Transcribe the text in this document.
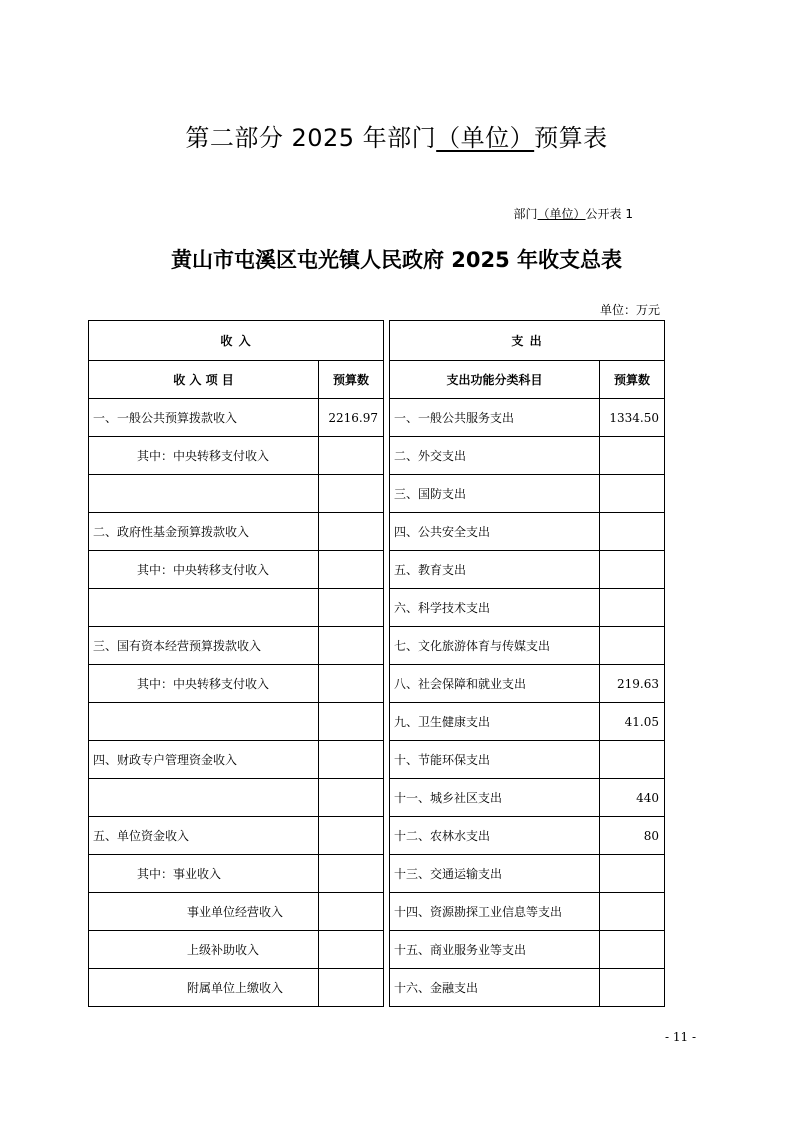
第二部分 2025 年部门（单位）预算表
部门（单位）公开表 1
黄山市屯溪区屯光镇人民政府 2025 年收支总表
单位：万元
收 入			支 出	
收 入 项 目	预算数		支出功能分类科目	预算数
一、一般公共预算拨款收入	2216.97		一、一般公共服务支出	1334.50
其中：中央转移支付收入			二、外交支出	
			三、国防支出	
二、政府性基金预算拨款收入			四、公共安全支出	
其中：中央转移支付收入			五、教育支出	
			六、科学技术支出	
三、国有资本经营预算拨款收入			七、文化旅游体育与传媒支出	
其中：中央转移支付收入			八、社会保障和就业支出	219.63
			九、卫生健康支出	41.05
四、财政专户管理资金收入			十、节能环保支出	
			十一、城乡社区支出	440
五、单位资金收入			十二、农林水支出	80
其中：事业收入			十三、交通运输支出	
事业单位经营收入			十四、资源勘探工业信息等支出	
上级补助收入			十五、商业服务业等支出	
附属单位上缴收入			十六、金融支出	
- 11 -
